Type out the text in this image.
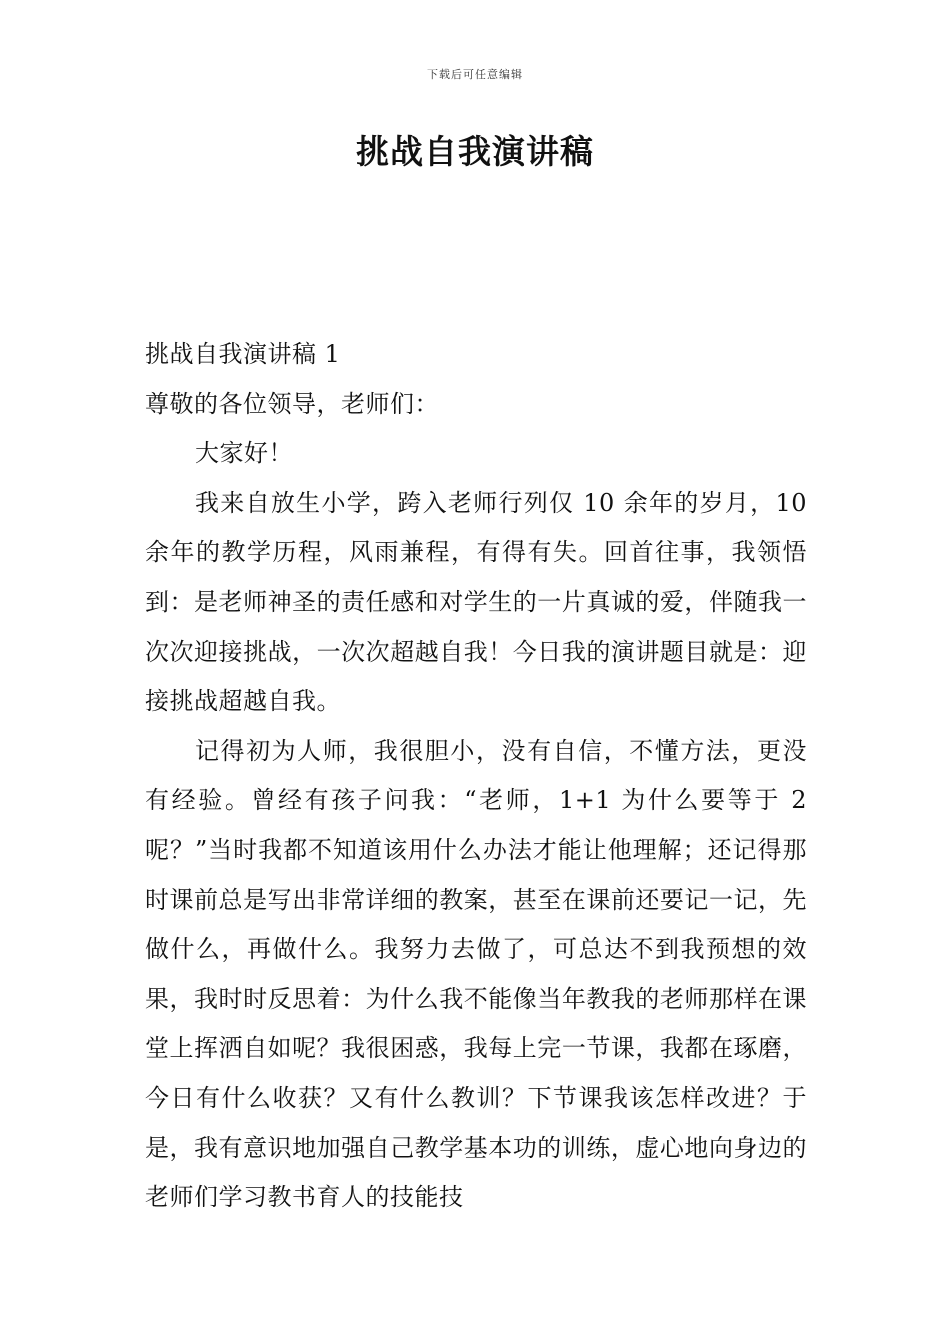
下载后可任意编辑
挑战自我演讲稿

挑战自我演讲稿 1

尊敬的各位领导，老师们：

大家好！

我来自放生小学，跨入老师行列仅 10 余年的岁月，10 余年的教学历程，风雨兼程，有得有失。回首往事，我领悟到：是老师神圣的责任感和对学生的一片真诚的爱，伴随我一次次迎接挑战，一次次超越自我！今日我的演讲题目就是：迎接挑战超越自我。

记得初为人师，我很胆小，没有自信，不懂方法，更没有经验。曾经有孩子问我：“老师，1+1 为什么要等于 2 呢？”当时我都不知道该用什么办法才能让他理解；还记得那时课前总是写出非常详细的教案，甚至在课前还要记一记，先做什么，再做什么。我努力去做了，可总达不到我预想的效果，我时时反思着：为什么我不能像当年教我的老师那样在课堂上挥洒自如呢？我很困惑，我每上完一节课，我都在琢磨，今日有什么收获？又有什么教训？下节课我该怎样改进？于是，我有意识地加强自己教学基本功的训练，虚心地向身边的老师们学习教书育人的技能技
